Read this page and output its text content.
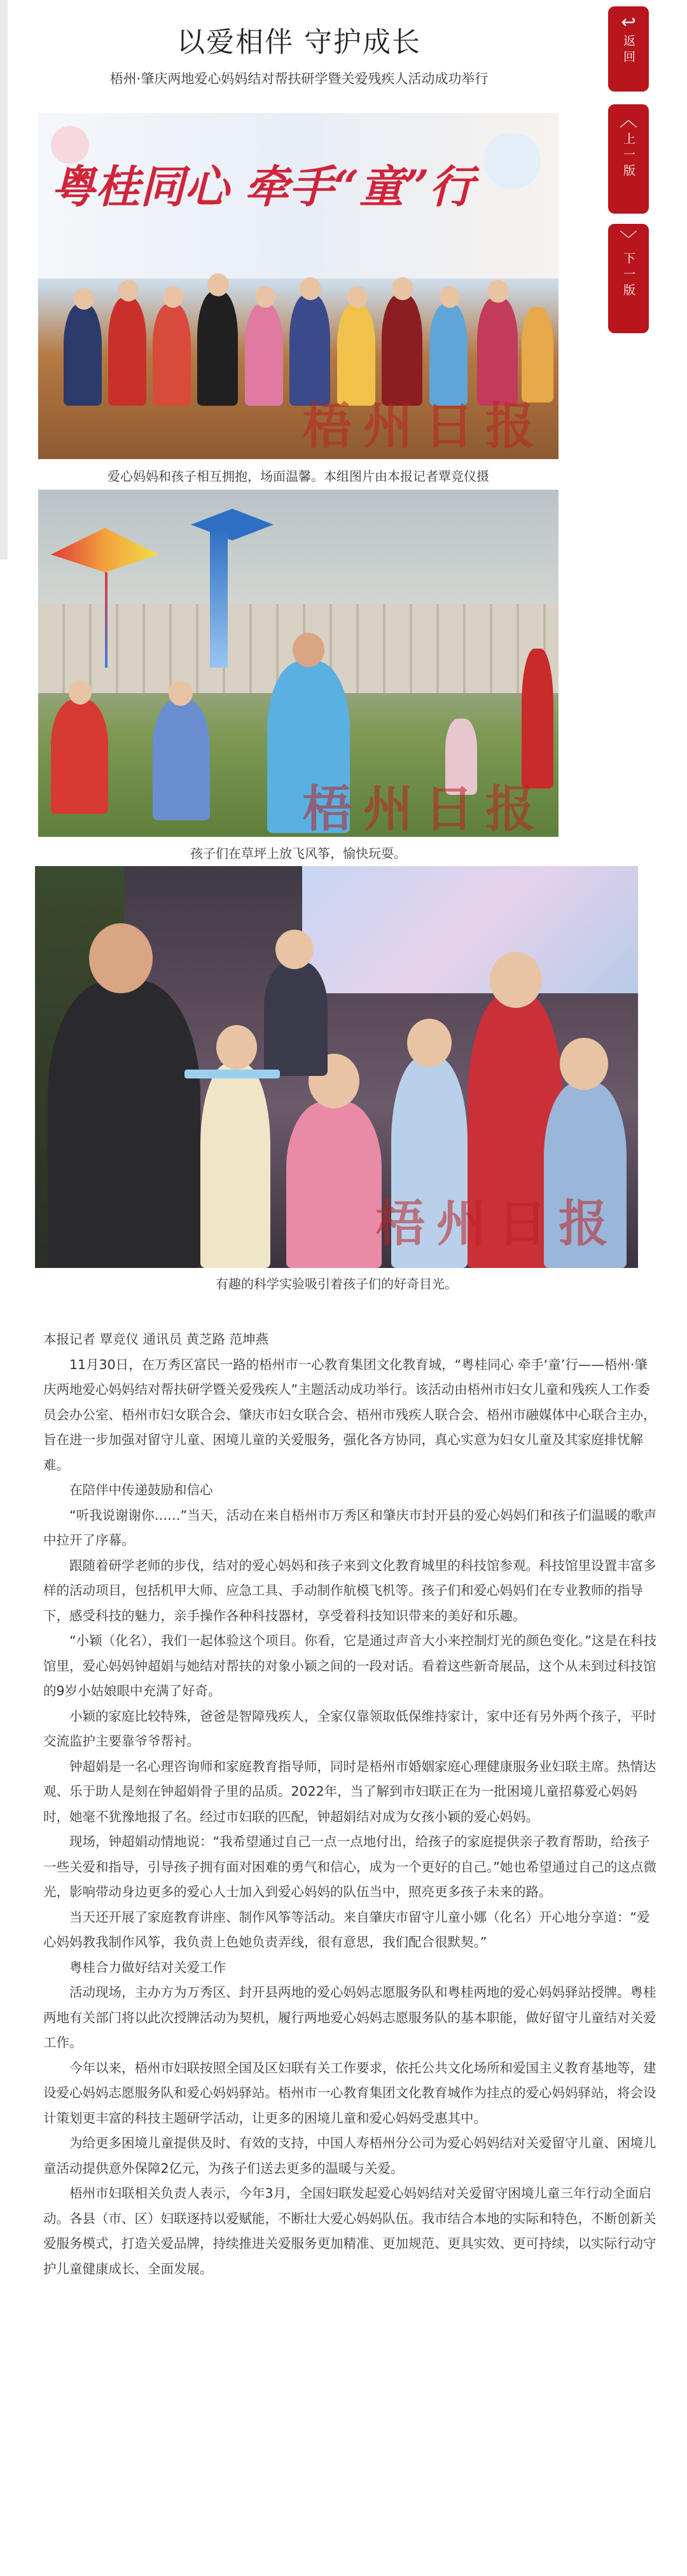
以爱相伴 守护成长
梧州·肇庆两地爱心妈妈结对帮扶研学暨关爱残疾人活动成功举行
↩
返回
︿
上一版
﹀
下一版
粤桂同心 牵手“童”行
梧州日报
爱心妈妈和孩子相互拥抱，场面温馨。本组图片由本报记者覃竞仪摄
梧州日报
孩子们在草坪上放飞风筝，愉快玩耍。
梧州日报
有趣的科学实验吸引着孩子们的好奇目光。

本报记者 覃竞仪 通讯员 黄芝路 范坤燕

11月30日，在万秀区富民一路的梧州市一心教育集团文化教育城，“粤桂同心 牵手‘童’行——梧州·肇庆两地爱心妈妈结对帮扶研学暨关爱残疾人”主题活动成功举行。该活动由梧州市妇女儿童和残疾人工作委员会办公室、梧州市妇女联合会、肇庆市妇女联合会、梧州市残疾人联合会、梧州市融媒体中心联合主办，旨在进一步加强对留守儿童、困境儿童的关爱服务，强化各方协同，真心实意为妇女儿童及其家庭排忧解难。

在陪伴中传递鼓励和信心

“听我说谢谢你……”当天，活动在来自梧州市万秀区和肇庆市封开县的爱心妈妈们和孩子们温暖的歌声中拉开了序幕。

跟随着研学老师的步伐，结对的爱心妈妈和孩子来到文化教育城里的科技馆参观。科技馆里设置丰富多样的活动项目，包括机甲大师、应急工具、手动制作航模飞机等。孩子们和爱心妈妈们在专业教师的指导下，感受科技的魅力，亲手操作各种科技器材，享受着科技知识带来的美好和乐趣。

“小颖（化名），我们一起体验这个项目。你看，它是通过声音大小来控制灯光的颜色变化。”这是在科技馆里，爱心妈妈钟超娟与她结对帮扶的对象小颖之间的一段对话。看着这些新奇展品，这个从未到过科技馆的9岁小姑娘眼中充满了好奇。

小颖的家庭比较特殊，爸爸是智障残疾人，全家仅靠领取低保维持家计，家中还有另外两个孩子，平时交流监护主要靠爷爷帮衬。

钟超娟是一名心理咨询师和家庭教育指导师，同时是梧州市婚姻家庭心理健康服务业妇联主席。热情达观、乐于助人是刻在钟超娟骨子里的品质。2022年，当了解到市妇联正在为一批困境儿童招募爱心妈妈时，她毫不犹豫地报了名。经过市妇联的匹配，钟超娟结对成为女孩小颖的爱心妈妈。

现场，钟超娟动情地说：“我希望通过自己一点一点地付出，给孩子的家庭提供亲子教育帮助，给孩子一些关爱和指导，引导孩子拥有面对困难的勇气和信心，成为一个更好的自己。”她也希望通过自己的这点微光，影响带动身边更多的爱心人士加入到爱心妈妈的队伍当中，照亮更多孩子未来的路。

当天还开展了家庭教育讲座、制作风筝等活动。来自肇庆市留守儿童小娜（化名）开心地分享道：“爱心妈妈教我制作风筝，我负责上色她负责弄线，很有意思，我们配合很默契。”

粤桂合力做好结对关爱工作

活动现场，主办方为万秀区、封开县两地的爱心妈妈志愿服务队和粤桂两地的爱心妈妈驿站授牌。粤桂两地有关部门将以此次授牌活动为契机，履行两地爱心妈妈志愿服务队的基本职能，做好留守儿童结对关爱工作。

今年以来，梧州市妇联按照全国及区妇联有关工作要求，依托公共文化场所和爱国主义教育基地等，建设爱心妈妈志愿服务队和爱心妈妈驿站。梧州市一心教育集团文化教育城作为挂点的爱心妈妈驿站，将会设计策划更丰富的科技主题研学活动，让更多的困境儿童和爱心妈妈受惠其中。

为给更多困境儿童提供及时、有效的支持，中国人寿梧州分公司为爱心妈妈结对关爱留守儿童、困境儿童活动提供意外保障2亿元，为孩子们送去更多的温暖与关爱。

梧州市妇联相关负责人表示，今年3月，全国妇联发起爱心妈妈结对关爱留守困境儿童三年行动全面启动。各县（市、区）妇联逐持以爱赋能，不断壮大爱心妈妈队伍。我市结合本地的实际和特色，不断创新关爱服务模式，打造关爱品牌，持续推进关爱服务更加精准、更加规范、更具实效、更可持续，以实际行动守护儿童健康成长、全面发展。
